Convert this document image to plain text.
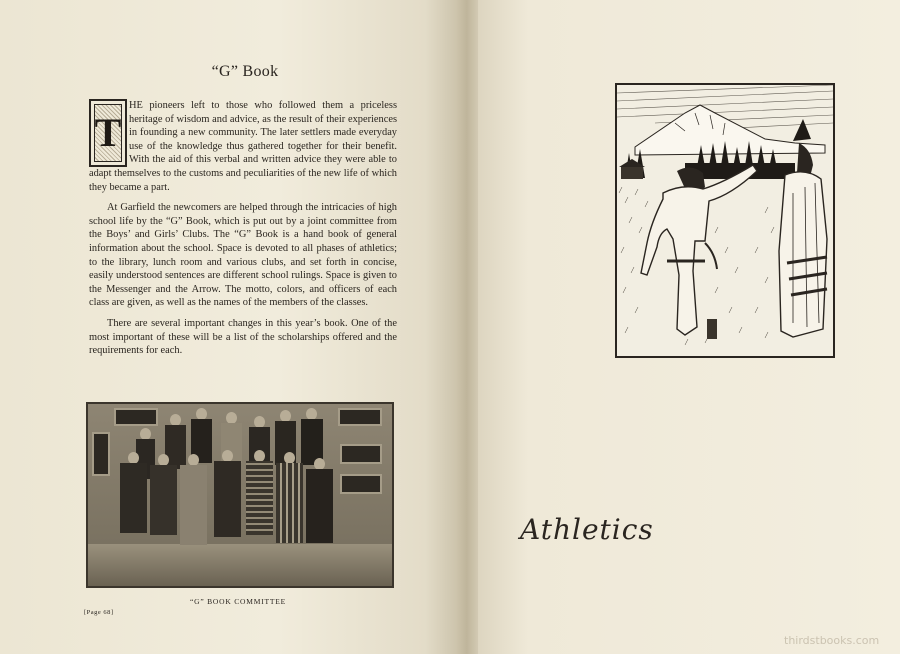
“G” Book
T

HE pioneers left to those who followed them a priceless heritage of wisdom and advice, as the result of their experiences in founding a new community. The later settlers made everyday use of the knowledge thus gathered together for their benefit. With the aid of this verbal and written advice they were able to adapt themselves to the customs and peculiarities of the new life of which they became a part.

At Garfield the newcomers are helped through the intricacies of high school life by the “G” Book, which is put out by a joint committee from the Boys’ and Girls’ Clubs. The “G” Book is a hand book of general information about the school. Space is devoted to all phases of athletics; to the library, lunch room and various clubs, and set forth in concise, easily understood sentences are different school rulings. Space is given to the Messenger and the Arrow. The motto, colors, and officers of each class are given, as well as the names of the members of the classes.

There are several important changes in this year’s book. One of the most important of these will be a list of the scholarships offered and the requirements for each.

“G” BOOK COMMITTEE
[Page 68]
Athletics
thirdstbooks.com
